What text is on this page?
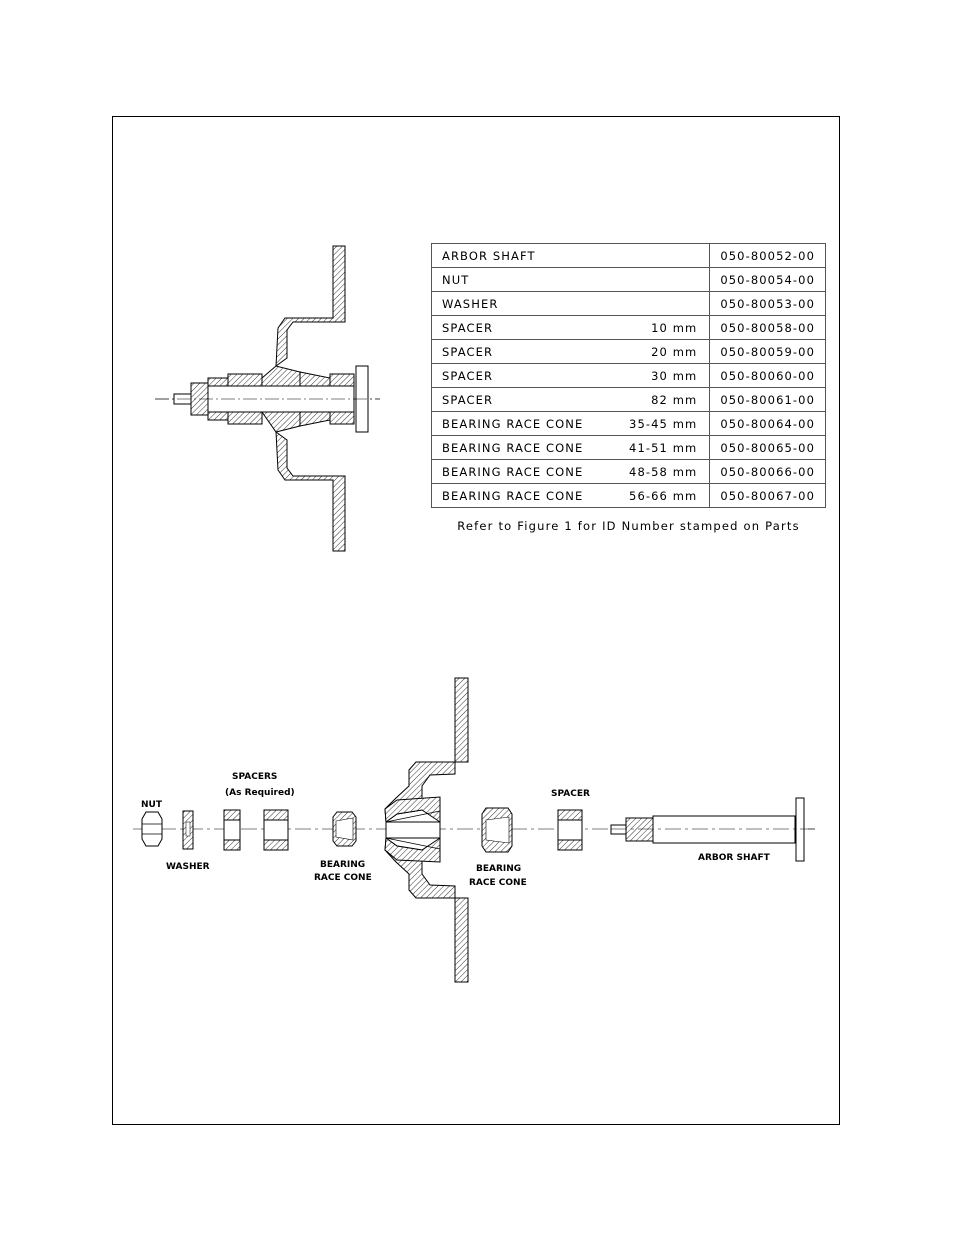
NUT
WASHER
SPACERS
(As Required)
BEARING
RACE CONE
BEARING
RACE CONE
SPACER
ARBOR SHAFT
ARBOR SHAFT		050-80052-00
NUT		050-80054-00
WASHER		050-80053-00
SPACER	10 mm	050-80058-00
SPACER	20 mm	050-80059-00
SPACER	30 mm	050-80060-00
SPACER	82 mm	050-80061-00
BEARING RACE CONE	35-45 mm	050-80064-00
BEARING RACE CONE	41-51 mm	050-80065-00
BEARING RACE CONE	48-58 mm	050-80066-00
BEARING RACE CONE	56-66 mm	050-80067-00
Refer to Figure 1 for ID Number stamped on Parts
